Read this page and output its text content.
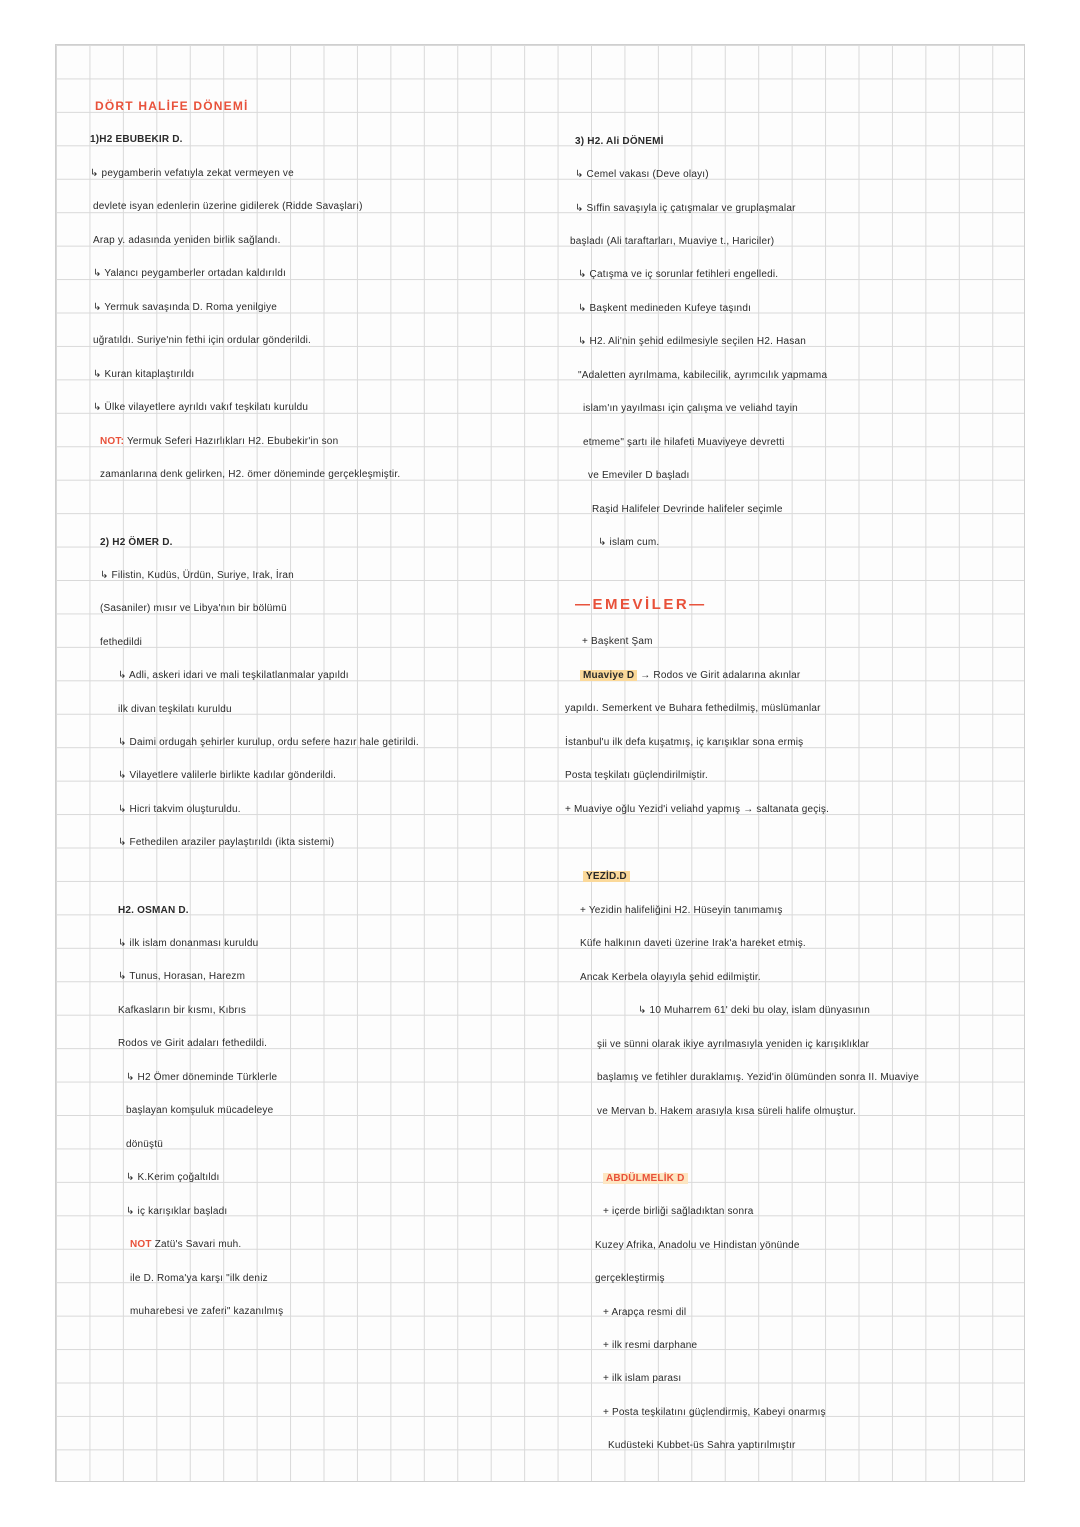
DÖRT HALİFE DÖNEMİ
1)H2 EBUBEKIR D.
↳ peygamberin vefatıyla zekat vermeyen ve
devlete isyan edenlerin üzerine gidilerek (Ridde Savaşları)
Arap y. adasında yeniden birlik sağlandı.
↳ Yalancı peygamberler ortadan kaldırıldı
↳ Yermuk savaşında D. Roma yenilgiye
uğratıldı. Suriye'nin fethi için ordular gönderildi.
↳ Kuran kitaplaştırıldı
↳ Ülke vilayetlere ayrıldı vakıf teşkilatı kuruldu
NOT: Yermuk Seferi Hazırlıkları H2. Ebubekir'in son
zamanlarına denk gelirken, H2. ömer döneminde gerçekleşmiştir.
2) H2 ÖMER D.
↳ Filistin, Kudüs, Ürdün, Suriye, Irak, İran
(Sasaniler) mısır ve Libya'nın bir bölümü
fethedildi
↳ Adli, askeri idari ve mali teşkilatlanmalar yapıldı
ilk divan teşkilatı kuruldu
↳ Daimi ordugah şehirler kurulup, ordu sefere hazır hale getirildi.
↳ Vilayetlere valilerle birlikte kadılar gönderildi.
↳ Hicri takvim oluşturuldu.
↳ Fethedilen araziler paylaştırıldı (ikta sistemi)
H2. OSMAN D.
↳ ilk islam donanması kuruldu
↳ Tunus, Horasan, Harezm
Kafkasların bir kısmı, Kıbrıs
Rodos ve Girit adaları fethedildi.
↳ H2 Ömer döneminde Türklerle
başlayan komşuluk mücadeleye
dönüştü
↳ K.Kerim çoğaltıldı
↳ iç karışıklar başladı
NOT Zatü's Savari muh.
ile D. Roma'ya karşı "ilk deniz
muharebesi ve zaferi" kazanılmış
3) H2. Ali DÖNEMİ
↳ Cemel vakası (Deve olayı)
↳ Sıffin savaşıyla iç çatışmalar ve gruplaşmalar
başladı (Ali taraftarları, Muaviye t., Hariciler)
↳ Çatışma ve iç sorunlar fetihleri engelledi.
↳ Başkent medineden Kufeye taşındı
↳ H2. Ali'nin şehid edilmesiyle seçilen H2. Hasan
"Adaletten ayrılmama, kabilecilik, ayrımcılık yapmama
islam'ın yayılması için çalışma ve veliahd tayin
etmeme" şartı ile hilafeti Muaviyeye devretti
ve Emeviler D başladı
Raşid Halifeler Devrinde halifeler seçimle
↳ islam cum.
—EMEVİLER—
+ Başkent Şam
Muaviye D → Rodos ve Girit adalarına akınlar
yapıldı. Semerkent ve Buhara fethedilmiş, müslümanlar
İstanbul'u ilk defa kuşatmış, iç karışıklar sona ermiş
Posta teşkilatı güçlendirilmiştir.
+ Muaviye oğlu Yezid'i veliahd yapmış → saltanata geçiş.
YEZİD.D
+ Yezidin halifeliğini H2. Hüseyin tanımamış
Küfe halkının daveti üzerine Irak'a hareket etmiş.
Ancak Kerbela olayıyla şehid edilmiştir.
↳ 10 Muharrem 61' deki bu olay, islam dünyasının
şii ve sünni olarak ikiye ayrılmasıyla yeniden iç karışıklıklar
başlamış ve fetihler duraklamış. Yezid'in ölümünden sonra II. Muaviye
ve Mervan b. Hakem arasıyla kısa süreli halife olmuştur.
ABDÜLMELİK D
+ içerde birliği sağladıktan sonra
Kuzey Afrika, Anadolu ve Hindistan yönünde
gerçekleştirmiş
+ Arapça resmi dil
+ ilk resmi darphane
+ ilk islam parası
+ Posta teşkilatını güçlendirmiş, Kabeyi onarmış
Kudüsteki Kubbet-üs Sahra yaptırılmıştır
